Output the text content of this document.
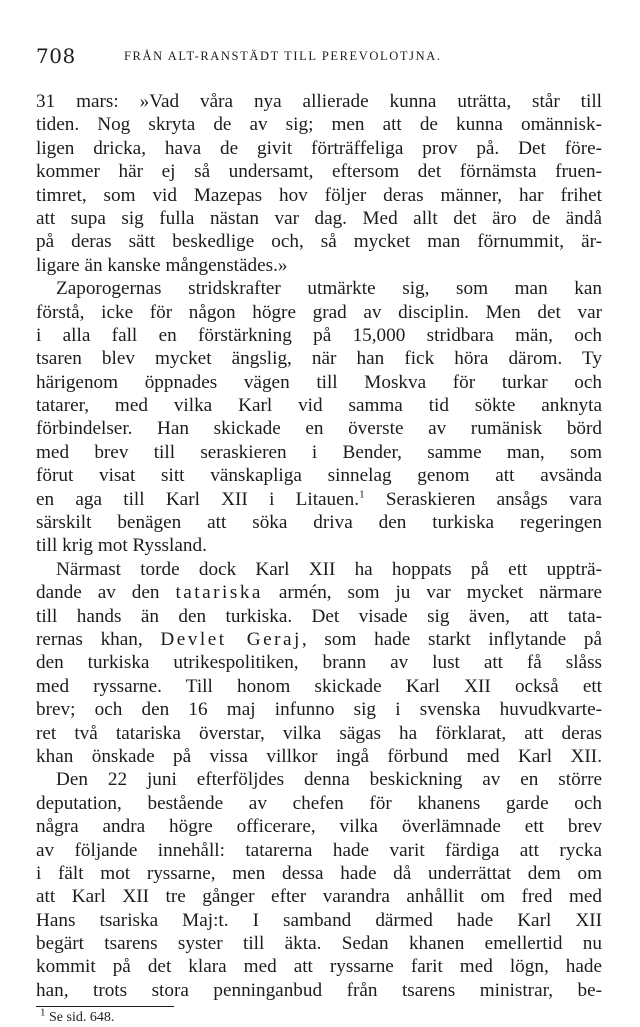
708	FRÅN ALT-RANSTÄDT TILL PEREVOLOTJNA.
31 mars: »Vad våra nya allierade kunna uträtta, står till
tiden. Nog skryta de av sig; men att de kunna omännisk-
ligen dricka, hava de givit förträffeliga prov på. Det före-
kommer här ej så undersamt, eftersom det förnämsta fruen-
timret, som vid Mazepas hov följer deras männer, har frihet
att supa sig fulla nästan var dag. Med allt det äro de ändå
på deras sätt beskedlige och, så mycket man förnummit, är-
ligare än kanske mångenstädes.»
Zaporogernas stridskrafter utmärkte sig, som man kan
förstå, icke för någon högre grad av disciplin. Men det var
i alla fall en förstärkning på 15,000 stridbara män, och
tsaren blev mycket ängslig, när han fick höra därom. Ty
härigenom öppnades vägen till Moskva för turkar och
tatarer, med vilka Karl vid samma tid sökte anknyta
förbindelser. Han skickade en överste av rumänisk börd
med brev till seraskieren i Bender, samme man, som
förut visat sitt vänskapliga sinnelag genom att avsända
en aga till Karl XII i Litauen.$^1$ Seraskieren ansågs vara
särskilt benägen att söka driva den turkiska regeringen
till krig mot Ryssland.
Närmast torde dock Karl XII ha hoppats på ett uppträ-
dande av den tatariska armén, som ju var mycket närmare
till hands än den turkiska. Det visade sig även, att tata-
rernas khan, Devlet Geraj, som hade starkt inflytande på
den turkiska utrikespolitiken, brann av lust att få slåss
med ryssarne. Till honom skickade Karl XII också ett
brev; och den 16 maj infunno sig i svenska huvudkvarte-
ret två tatariska överstar, vilka sägas ha förklarat, att deras
khan önskade på vissa villkor ingå förbund med Karl XII.
Den 22 juni efterföljdes denna beskickning av en större
deputation, bestående av chefen för khanens garde och
några andra högre officerare, vilka överlämnade ett brev
av följande innehåll: tatarerna hade varit färdiga att rycka
i fält mot ryssarne, men dessa hade då underrättat dem om
att Karl XII tre gånger efter varandra anhållit om fred med
Hans tsariska Maj:t. I samband därmed hade Karl XII
begärt tsarens syster till äkta. Sedan khanen emellertid nu
kommit på det klara med att ryssarne farit med lögn, hade
han, trots stora penninganbud från tsarens ministrar, be-
$^1$ Se sid. 648.
